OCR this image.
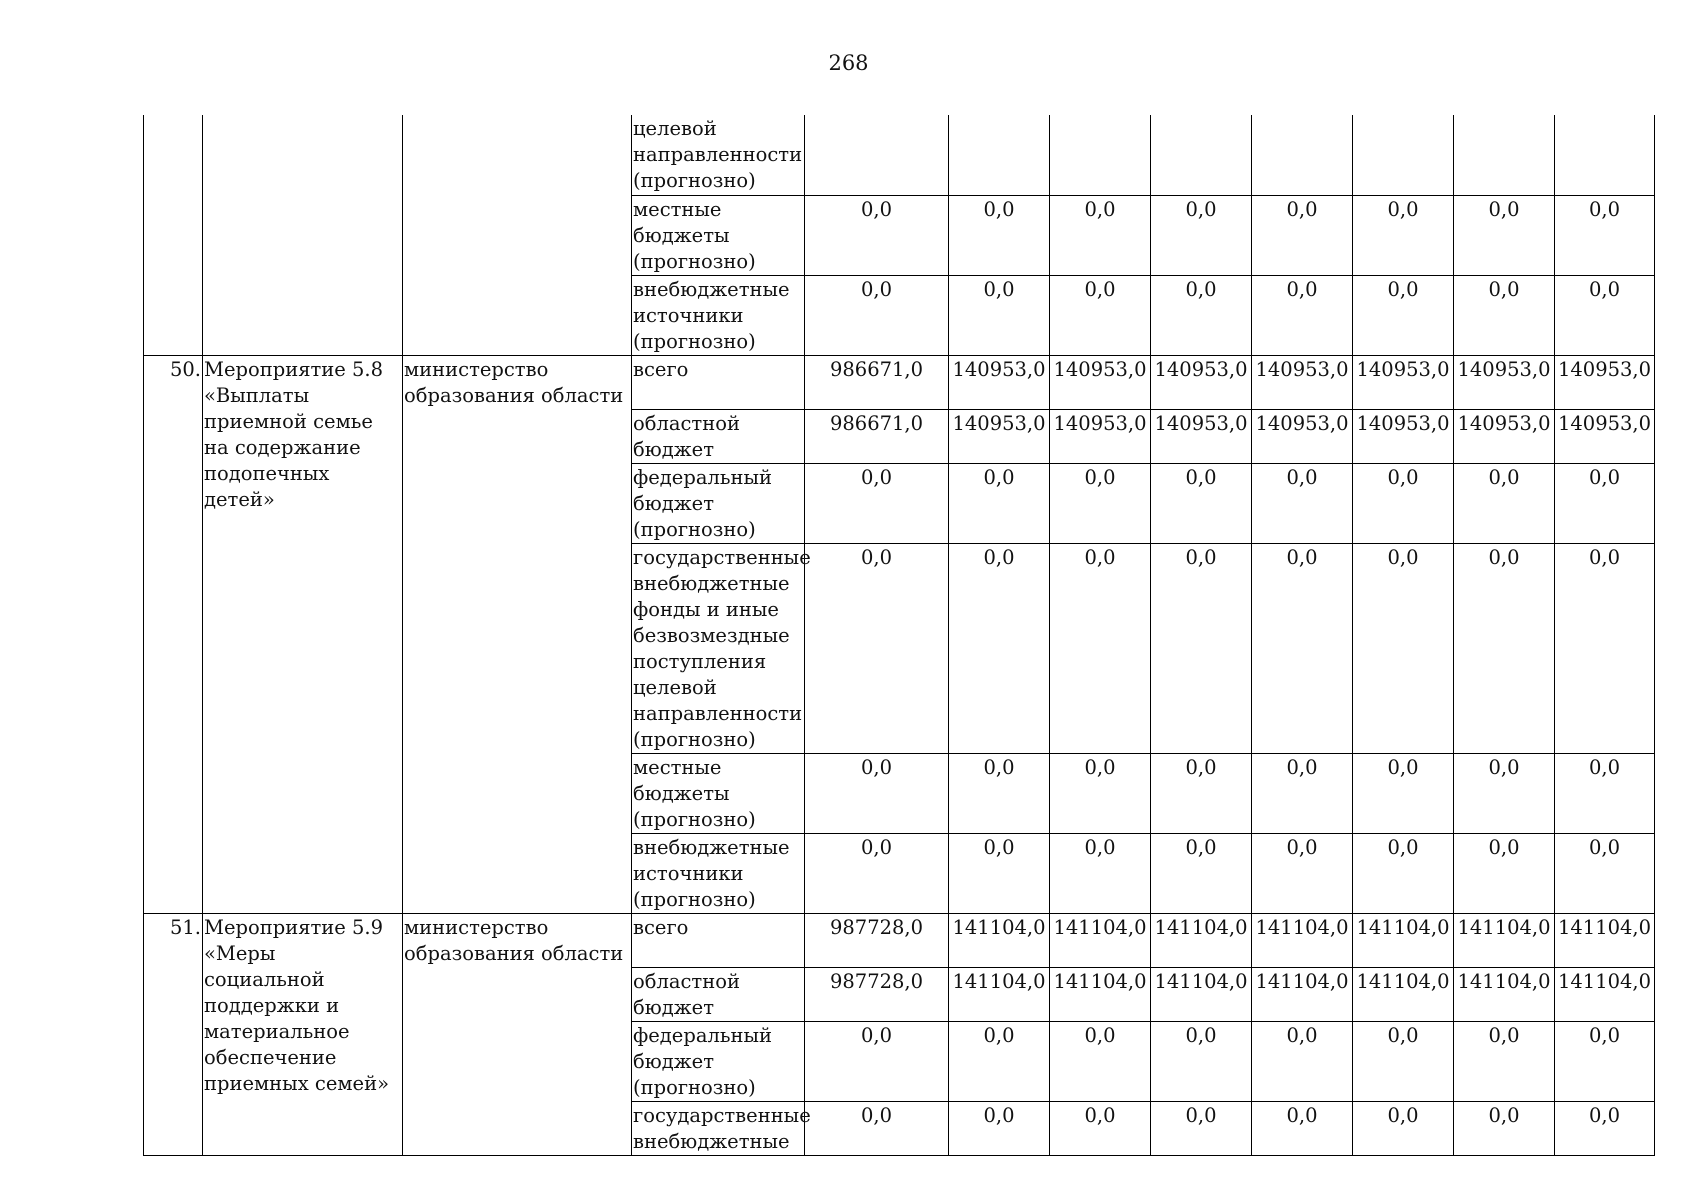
268
			целевой направленности (прогнозно)								
			местные бюджеты (прогнозно)	0,0	0,0	0,0	0,0	0,0	0,0	0,0	0,0
			внебюджетные источники (прогнозно)	0,0	0,0	0,0	0,0	0,0	0,0	0,0	0,0
50.	Мероприятие 5.8 «Выплаты приемной семье на содержание подопечных детей»	министерство образования области	всего	986671,0	140953,0	140953,0	140953,0	140953,0	140953,0	140953,0	140953,0
			областной бюджет	986671,0	140953,0	140953,0	140953,0	140953,0	140953,0	140953,0	140953,0
			федеральный бюджет (прогнозно)	0,0	0,0	0,0	0,0	0,0	0,0	0,0	0,0
			государственные внебюджетные фонды и иные безвозмездные поступления целевой направленности (прогнозно)	0,0	0,0	0,0	0,0	0,0	0,0	0,0	0,0
			местные бюджеты (прогнозно)	0,0	0,0	0,0	0,0	0,0	0,0	0,0	0,0
			внебюджетные источники (прогнозно)	0,0	0,0	0,0	0,0	0,0	0,0	0,0	0,0
51.	Мероприятие 5.9 «Меры социальной поддержки и материальное обеспечение приемных семей»	министерство образования области	всего	987728,0	141104,0	141104,0	141104,0	141104,0	141104,0	141104,0	141104,0
			областной бюджет	987728,0	141104,0	141104,0	141104,0	141104,0	141104,0	141104,0	141104,0
			федеральный бюджет (прогнозно)	0,0	0,0	0,0	0,0	0,0	0,0	0,0	0,0
			государственные внебюджетные	0,0	0,0	0,0	0,0	0,0	0,0	0,0	0,0
